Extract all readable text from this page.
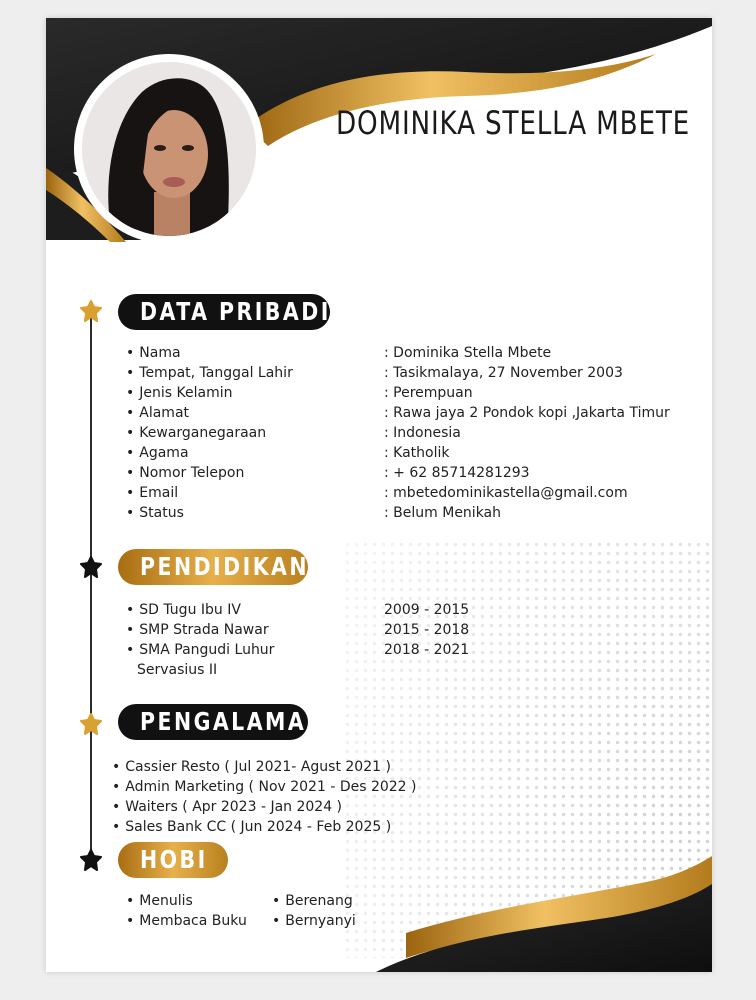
DOMINIKA STELLA MBETE
DATA PRIBADI
• Nama	: Dominika Stella Mbete
• Tempat, Tanggal Lahir	: Tasikmalaya, 27 November 2003
• Jenis Kelamin	: Perempuan
• Alamat	: Rawa jaya 2 Pondok kopi ,Jakarta Timur
• Kewarganegaraan	: Indonesia
• Agama	: Katholik
• Nomor Telepon	: + 62 85714281293
• Email	: mbetedominikastella@gmail.com
• Status	: Belum Menikah
PENDIDIKAN
• SD Tugu Ibu IV	2009 - 2015
• SMP Strada Nawar	2015 - 2018
• SMA Pangudi Luhur	2018 - 2021
Servasius II
PENGALAMAN
• Cassier Resto ( Jul 2021- Agust 2021 )
• Admin Marketing ( Nov 2021 - Des 2022 )
• Waiters ( Apr 2023 - Jan 2024 )
• Sales Bank CC ( Jun 2024 - Feb 2025 )
HOBI
• Menulis
• Membaca Buku
• Berenang
• Bernyanyi
